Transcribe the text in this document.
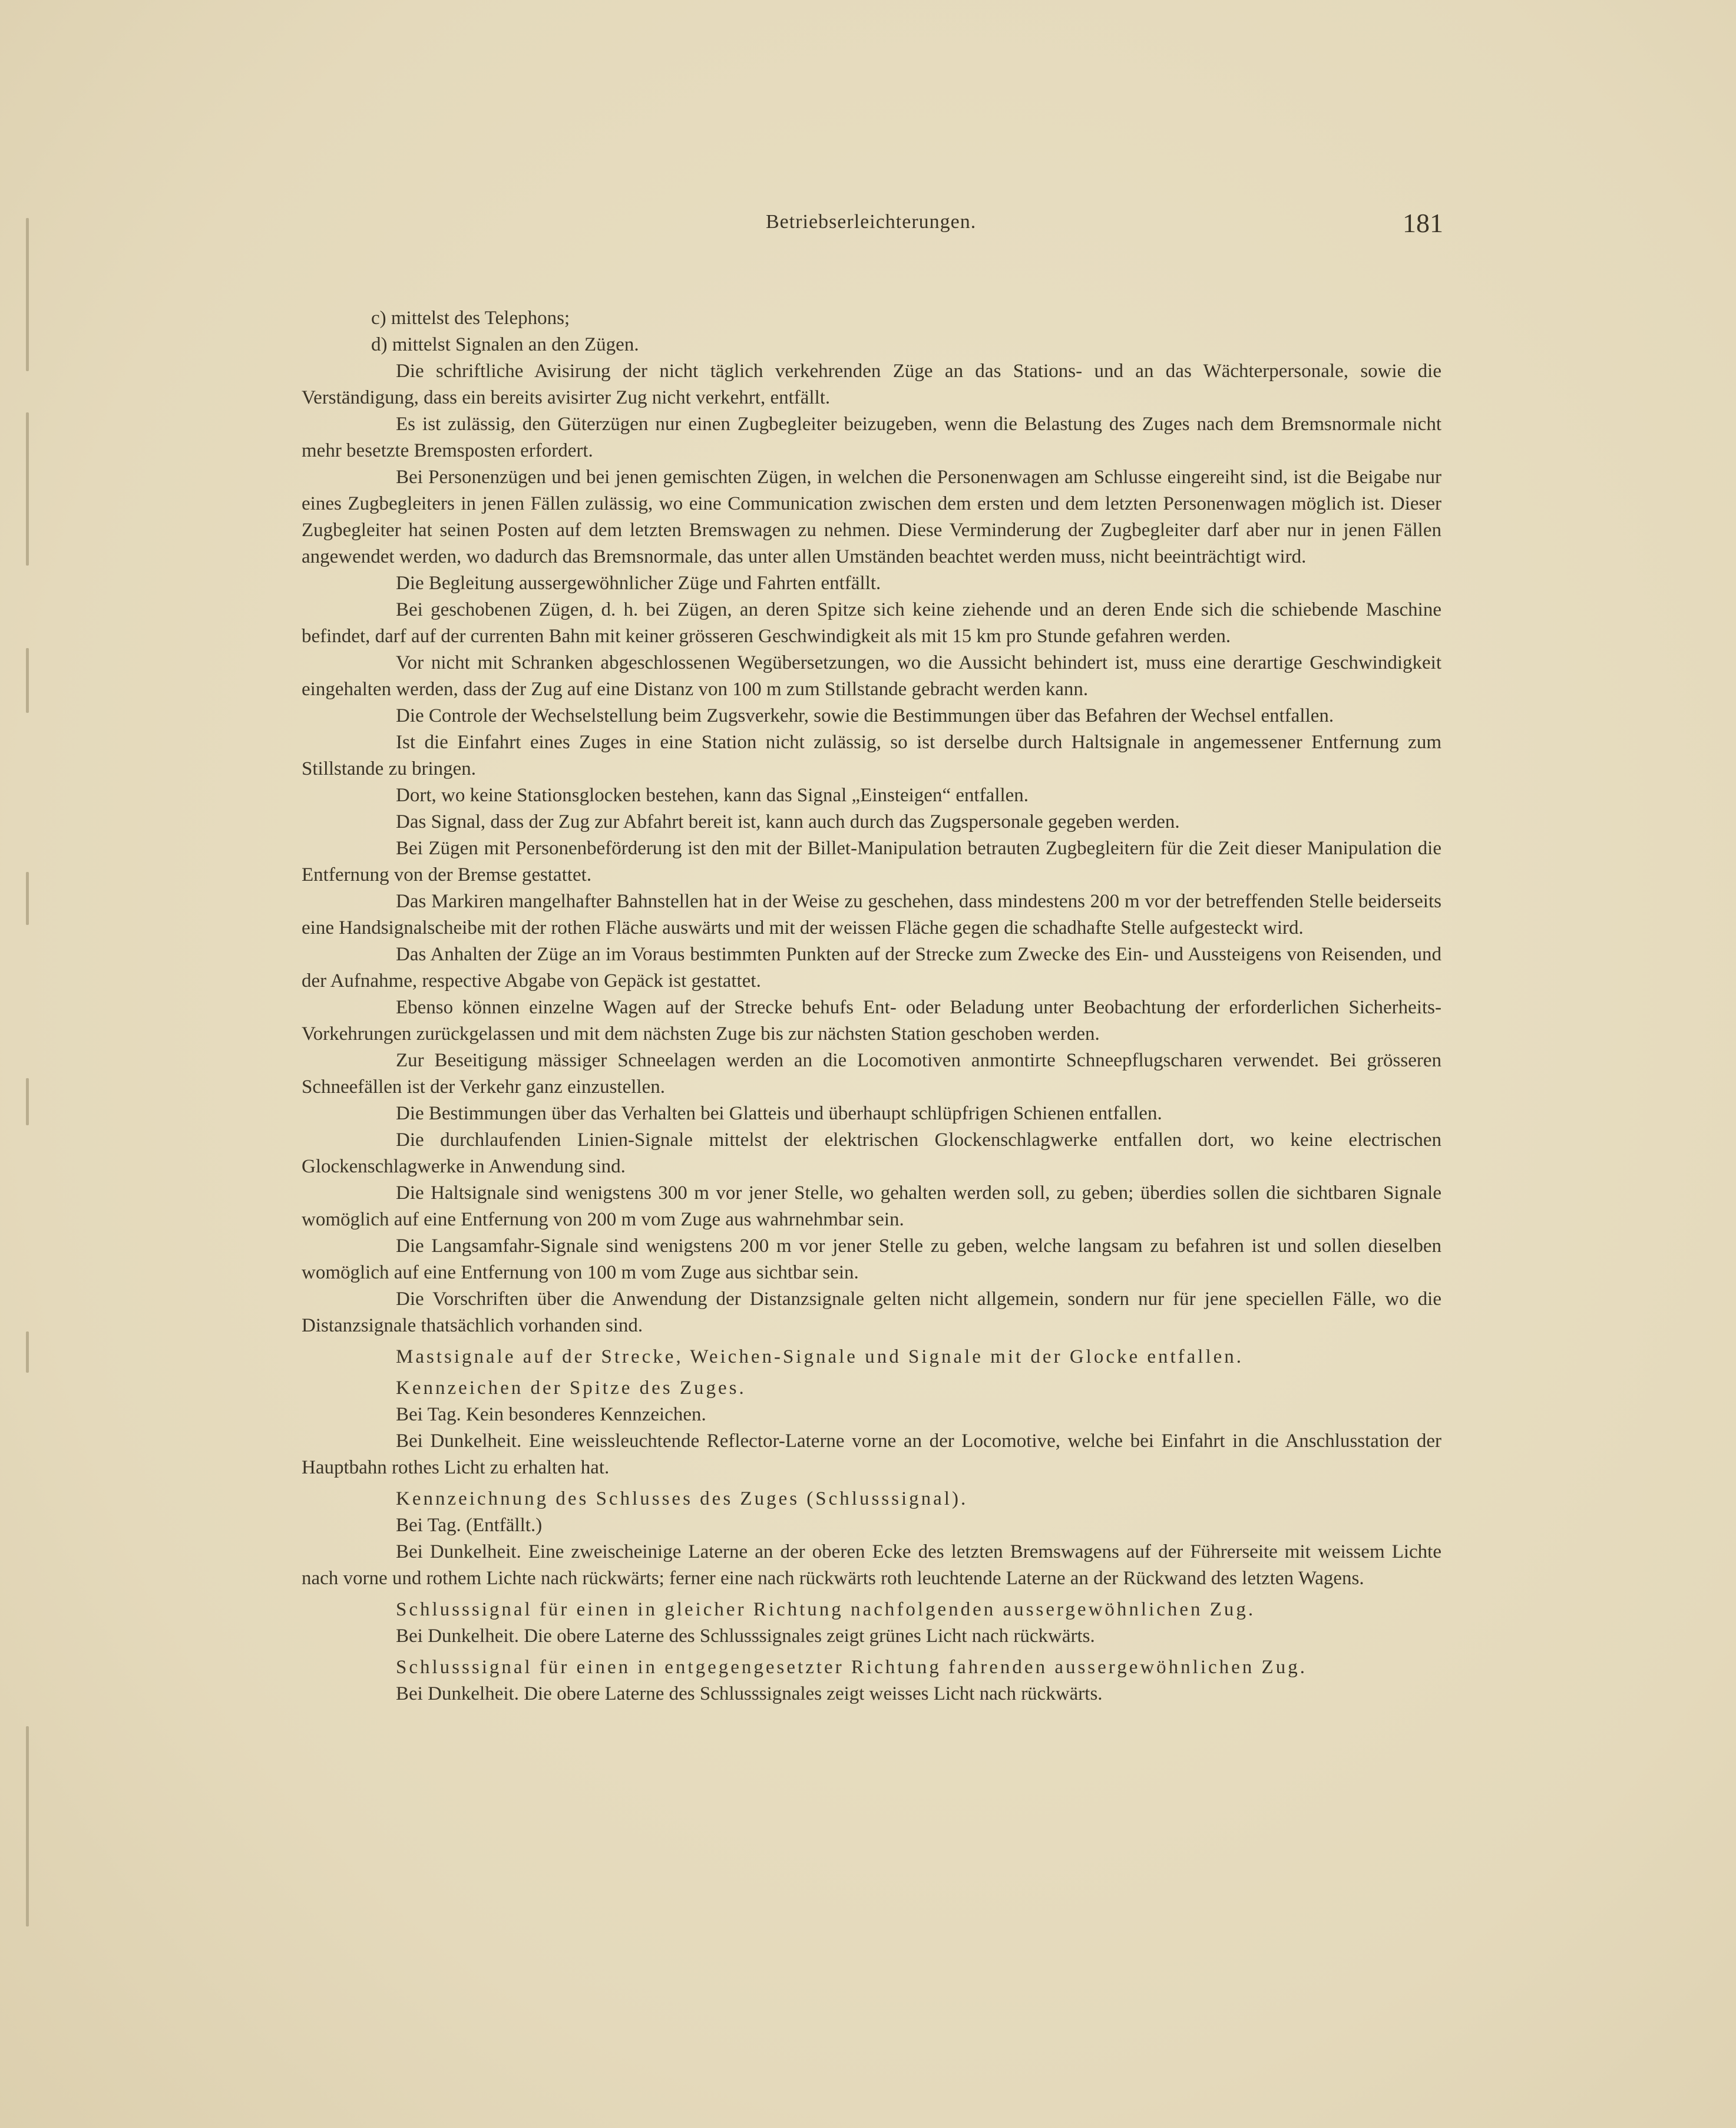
Betriebserleichterungen.	181

c) mittelst des Telephons;

d) mittelst Signalen an den Zügen.

Die schriftliche Avisirung der nicht täglich verkehrenden Züge an das Stations- und an das Wächterpersonale, sowie die Verständigung, dass ein bereits avisirter Zug nicht verkehrt, entfällt.

Es ist zulässig, den Güterzügen nur einen Zugbegleiter beizugeben, wenn die Belastung des Zuges nach dem Bremsnormale nicht mehr besetzte Bremsposten erfordert.

Bei Personenzügen und bei jenen gemischten Zügen, in welchen die Personenwagen am Schlusse eingereiht sind, ist die Beigabe nur eines Zugbegleiters in jenen Fällen zulässig, wo eine Communication zwischen dem ersten und dem letzten Personenwagen möglich ist. Dieser Zugbegleiter hat seinen Posten auf dem letzten Bremswagen zu nehmen. Diese Verminderung der Zugbegleiter darf aber nur in jenen Fällen angewendet werden, wo dadurch das Bremsnormale, das unter allen Umständen beachtet werden muss, nicht beeinträchtigt wird.

Die Begleitung aussergewöhnlicher Züge und Fahrten entfällt.

Bei geschobenen Zügen, d. h. bei Zügen, an deren Spitze sich keine ziehende und an deren Ende sich die schiebende Maschine befindet, darf auf der currenten Bahn mit keiner grösseren Geschwindigkeit als mit 15 km pro Stunde gefahren werden.

Vor nicht mit Schranken abgeschlossenen Wegübersetzungen, wo die Aussicht behindert ist, muss eine derartige Geschwindigkeit eingehalten werden, dass der Zug auf eine Distanz von 100 m zum Stillstande gebracht werden kann.

Die Controle der Wechselstellung beim Zugsverkehr, sowie die Bestimmungen über das Befahren der Wechsel entfallen.

Ist die Einfahrt eines Zuges in eine Station nicht zulässig, so ist derselbe durch Haltsignale in angemessener Entfernung zum Stillstande zu bringen.

Dort, wo keine Stationsglocken bestehen, kann das Signal „Einsteigen“ entfallen.

Das Signal, dass der Zug zur Abfahrt bereit ist, kann auch durch das Zugspersonale gegeben werden.

Bei Zügen mit Personenbeförderung ist den mit der Billet-Manipulation betrauten Zugbegleitern für die Zeit dieser Manipulation die Entfernung von der Bremse gestattet.

Das Markiren mangelhafter Bahnstellen hat in der Weise zu geschehen, dass mindestens 200 m vor der betreffenden Stelle beiderseits eine Handsignalscheibe mit der rothen Fläche auswärts und mit der weissen Fläche gegen die schadhafte Stelle aufgesteckt wird.

Das Anhalten der Züge an im Voraus bestimmten Punkten auf der Strecke zum Zwecke des Ein- und Aussteigens von Reisenden, und der Aufnahme, respective Abgabe von Gepäck ist gestattet.

Ebenso können einzelne Wagen auf der Strecke behufs Ent- oder Beladung unter Beobachtung der erforderlichen Sicherheits-Vorkehrungen zurückgelassen und mit dem nächsten Zuge bis zur nächsten Station geschoben werden.

Zur Beseitigung mässiger Schneelagen werden an die Locomotiven anmontirte Schneepflugscharen verwendet. Bei grösseren Schneefällen ist der Verkehr ganz einzustellen.

Die Bestimmungen über das Verhalten bei Glatteis und überhaupt schlüpfrigen Schienen entfallen.

Die durchlaufenden Linien-Signale mittelst der elektrischen Glockenschlagwerke entfallen dort, wo keine electrischen Glockenschlagwerke in Anwendung sind.

Die Haltsignale sind wenigstens 300 m vor jener Stelle, wo gehalten werden soll, zu geben; überdies sollen die sichtbaren Signale womöglich auf eine Entfernung von 200 m vom Zuge aus wahrnehmbar sein.

Die Langsamfahr-Signale sind wenigstens 200 m vor jener Stelle zu geben, welche langsam zu befahren ist und sollen dieselben womöglich auf eine Entfernung von 100 m vom Zuge aus sichtbar sein.

Die Vorschriften über die Anwendung der Distanzsignale gelten nicht allgemein, sondern nur für jene speciellen Fälle, wo die Distanzsignale thatsächlich vorhanden sind.

Mastsignale auf der Strecke, Weichen-Signale und Signale mit der Glocke entfallen.

Kennzeichen der Spitze des Zuges.

Bei Tag. Kein besonderes Kennzeichen.

Bei Dunkelheit. Eine weissleuchtende Reflector-Laterne vorne an der Locomotive, welche bei Einfahrt in die Anschlusstation der Hauptbahn rothes Licht zu erhalten hat.

Kennzeichnung des Schlusses des Zuges (Schlusssignal).

Bei Tag. (Entfällt.)

Bei Dunkelheit. Eine zweischeinige Laterne an der oberen Ecke des letzten Bremswagens auf der Führerseite mit weissem Lichte nach vorne und rothem Lichte nach rückwärts; ferner eine nach rückwärts roth leuchtende Laterne an der Rückwand des letzten Wagens.

Schlusssignal für einen in gleicher Richtung nachfolgenden aussergewöhnlichen Zug.

Bei Dunkelheit. Die obere Laterne des Schlusssignales zeigt grünes Licht nach rückwärts.

Schlusssignal für einen in entgegengesetzter Richtung fahrenden aussergewöhnlichen Zug.

Bei Dunkelheit. Die obere Laterne des Schlusssignales zeigt weisses Licht nach rückwärts.
